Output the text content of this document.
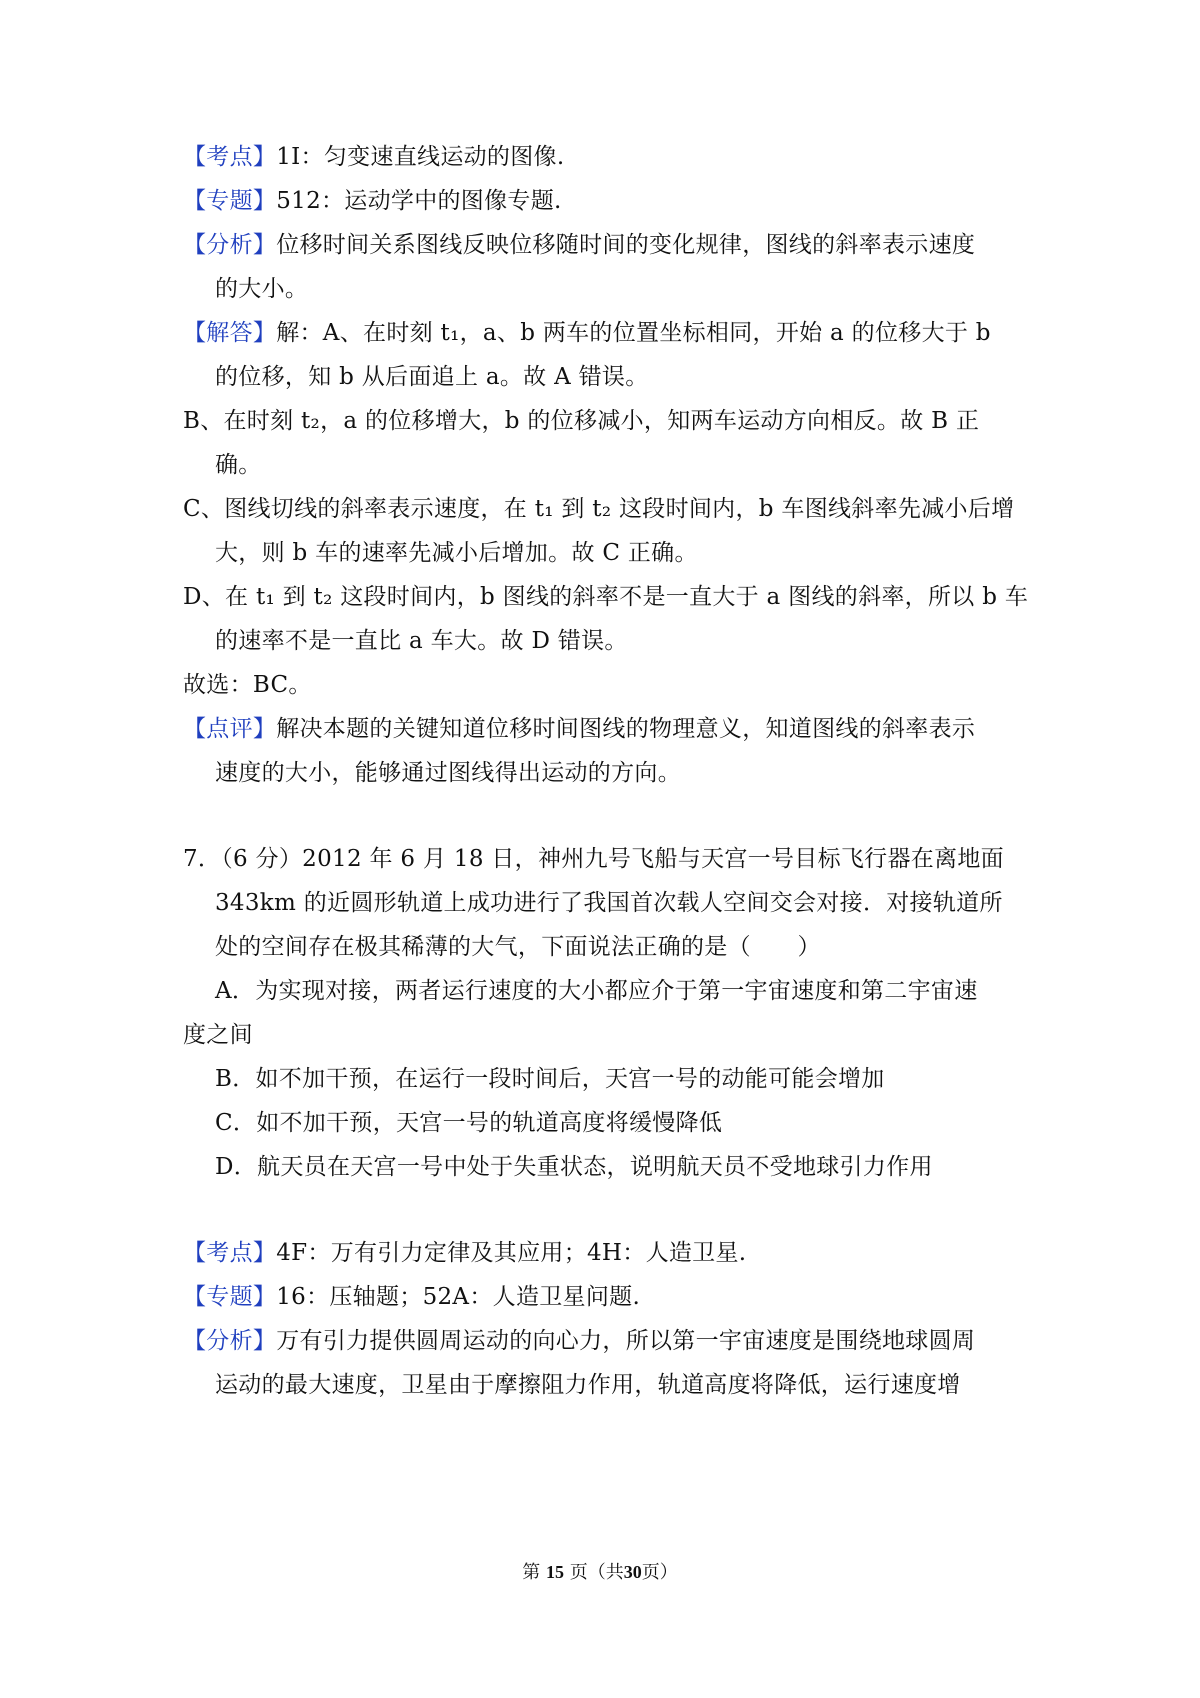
【考点】1I：匀变速直线运动的图像.
【专题】512：运动学中的图像专题.
【分析】位移时间关系图线反映位移随时间的变化规律，图线的斜率表示速度
的大小。
【解答】解：A、在时刻 t₁，a、b 两车的位置坐标相同，开始 a 的位移大于 b
的位移，知 b 从后面追上 a。故 A 错误。
B、在时刻 t₂，a 的位移增大，b 的位移减小，知两车运动方向相反。故 B 正
确。
C、图线切线的斜率表示速度，在 t₁ 到 t₂ 这段时间内，b 车图线斜率先减小后增
大，则 b 车的速率先减小后增加。故 C 正确。
D、在 t₁ 到 t₂ 这段时间内，b 图线的斜率不是一直大于 a 图线的斜率，所以 b 车
的速率不是一直比 a 车大。故 D 错误。
故选：BC。
【点评】解决本题的关键知道位移时间图线的物理意义，知道图线的斜率表示
速度的大小，能够通过图线得出运动的方向。
7．（6 分）2012 年 6 月 18 日，神州九号飞船与天宫一号目标飞行器在离地面
343km 的近圆形轨道上成功进行了我国首次载人空间交会对接．对接轨道所
处的空间存在极其稀薄的大气，下面说法正确的是（　　）
A．为实现对接，两者运行速度的大小都应介于第一宇宙速度和第二宇宙速
度之间
B．如不加干预，在运行一段时间后，天宫一号的动能可能会增加
C．如不加干预，天宫一号的轨道高度将缓慢降低
D．航天员在天宫一号中处于失重状态，说明航天员不受地球引力作用
【考点】4F：万有引力定律及其应用；4H：人造卫星.
【专题】16：压轴题；52A：人造卫星问题.
【分析】万有引力提供圆周运动的向心力，所以第一宇宙速度是围绕地球圆周
运动的最大速度，卫星由于摩擦阻力作用，轨道高度将降低，运行速度增
第 15 页（共30页）
